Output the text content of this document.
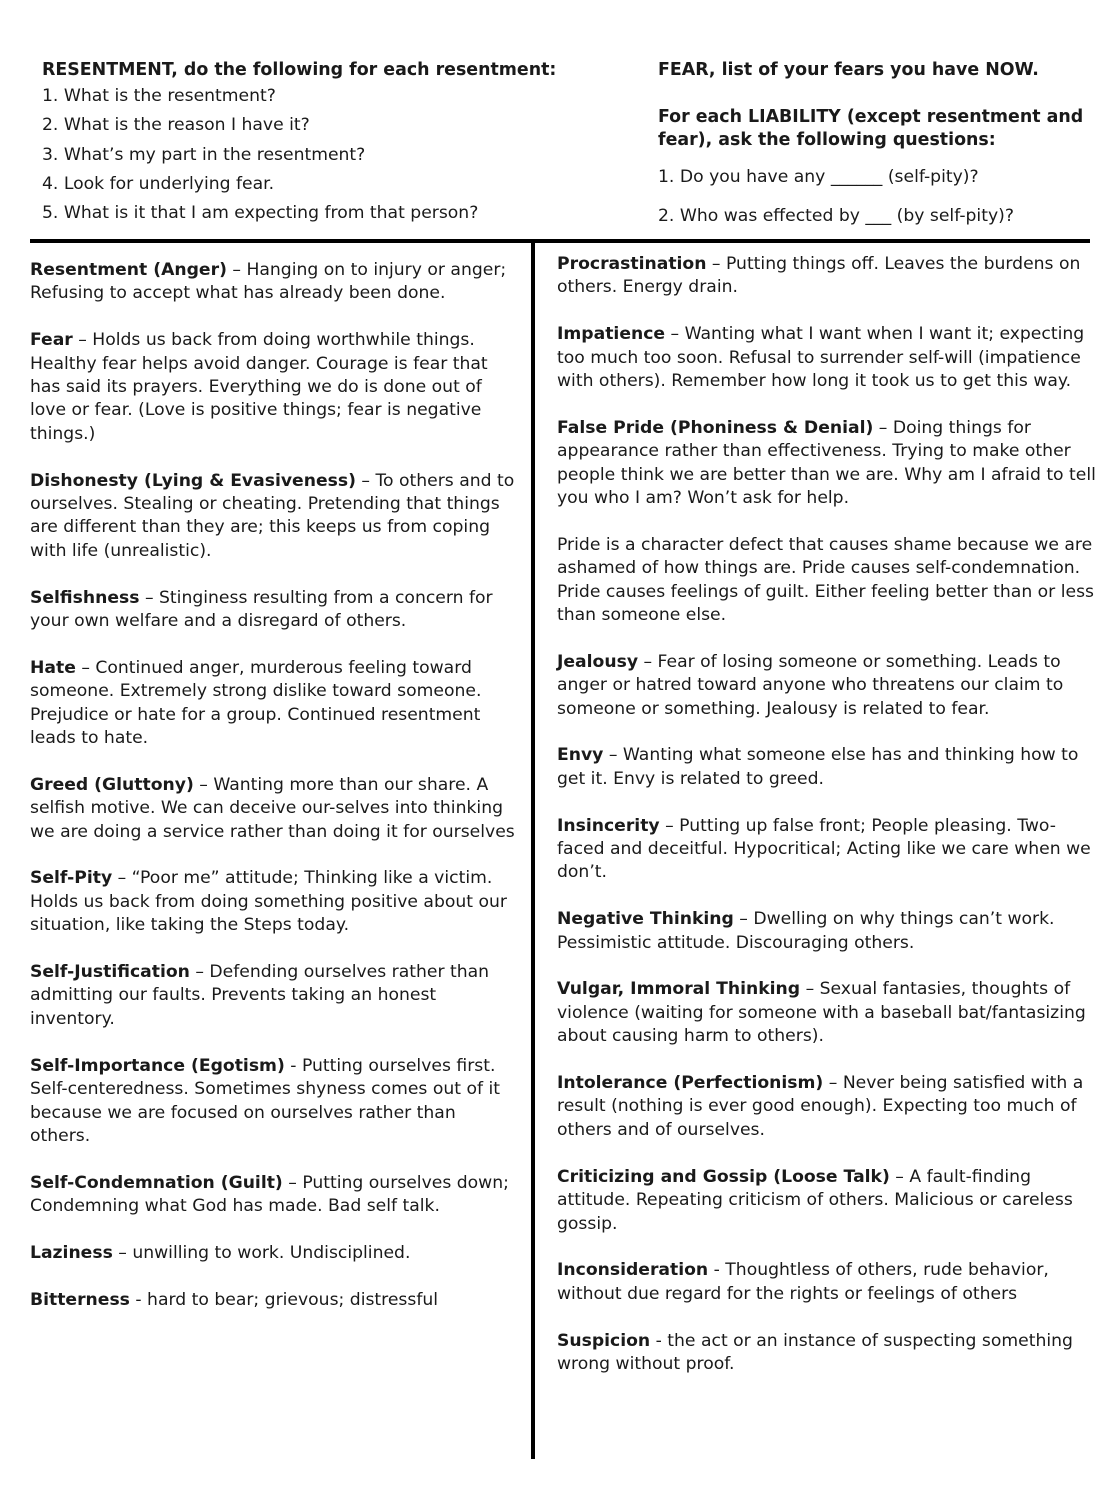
RESENTMENT, do the following for each resentment:
1. What is the resentment?
2. What is the reason I have it?
3. What’s my part in the resentment?
4. Look for underlying fear.
5. What is it that I am expecting from that person?
FEAR, list of your fears you have NOW.
For each LIABILITY (except resentment and fear), ask the following questions:
1. Do you have any ______ (self-pity)?
2. Who was effected by ___ (by self-pity)?
Resentment (Anger) – Hanging on to injury or anger; Refusing to accept what has already been done.
Fear – Holds us back from doing worthwhile things. Healthy fear helps avoid danger. Courage is fear that has said its prayers. Everything we do is done out of love or fear. (Love is positive things; fear is negative things.)
Dishonesty (Lying & Evasiveness) – To others and to ourselves. Stealing or cheating. Pretending that things are different than they are; this keeps us from coping with life (unrealistic).
Selfishness – Stinginess resulting from a concern for your own welfare and a disregard of others.
Hate – Continued anger, murderous feeling toward someone. Extremely strong dislike toward someone. Prejudice or hate for a group. Continued resentment leads to hate.
Greed (Gluttony) – Wanting more than our share. A selfish motive. We can deceive our-selves into thinking we are doing a service rather than doing it for ourselves
Self-Pity – “Poor me” attitude; Thinking like a victim. Holds us back from doing something positive about our situation, like taking the Steps today.
Self-Justification – Defending ourselves rather than admitting our faults. Prevents taking an honest inventory.
Self-Importance (Egotism) - Putting ourselves first. Self-centeredness. Sometimes shyness comes out of it because we are focused on ourselves rather than others.
Self-Condemnation (Guilt) – Putting ourselves down; Condemning what God has made. Bad self talk.
Laziness – unwilling to work. Undisciplined.
Bitterness - hard to bear; grievous; distressful
Procrastination – Putting things off. Leaves the burdens on others. Energy drain.
Impatience – Wanting what I want when I want it; expecting too much too soon. Refusal to surrender self-will (impatience with others). Remember how long it took us to get this way.
False Pride (Phoniness & Denial) – Doing things for appearance rather than effectiveness. Trying to make other people think we are better than we are. Why am I afraid to tell you who I am? Won’t ask for help.
Pride is a character defect that causes shame because we are ashamed of how things are. Pride causes self-condemnation. Pride causes feelings of guilt. Either feeling better than or less than someone else.
Jealousy – Fear of losing someone or something. Leads to anger or hatred toward anyone who threatens our claim to someone or something. Jealousy is related to fear.
Envy – Wanting what someone else has and thinking how to get it. Envy is related to greed.
Insincerity – Putting up false front; People pleasing. Two-faced and deceitful. Hypocritical; Acting like we care when we don’t.
Negative Thinking – Dwelling on why things can’t work. Pessimistic attitude. Discouraging others.
Vulgar, Immoral Thinking – Sexual fantasies, thoughts of violence (waiting for someone with a baseball bat/fantasizing about causing harm to others).
Intolerance (Perfectionism) – Never being satisfied with a result (nothing is ever good enough). Expecting too much of others and of ourselves.
Criticizing and Gossip (Loose Talk) – A fault-finding attitude. Repeating criticism of others. Malicious or careless gossip.
Inconsideration - Thoughtless of others, rude behavior, without due regard for the rights or feelings of others
Suspicion - the act or an instance of suspecting something wrong without proof.
